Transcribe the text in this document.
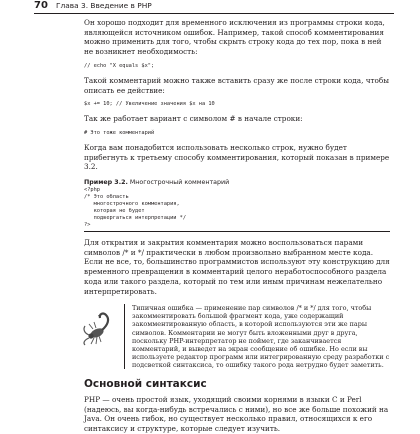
70 Глава 3. Введение в PHP

Он хорошо подходит для временного исключения из программы строки кода, являющейся источником ошибок. Например, такой способ комментирования можно применить для того, чтобы скрыть строку кода до тех пор, пока в ней не возникнет необходимость:

// echo "X equals $x";

Такой комментарий можно также вставить сразу же после строки кода, чтобы описать ее действие:

$x += 10; // Увеличение значения $x на 10

Так же работает вариант с символом # в начале строки:

# Это тоже комментарий

Когда вам понадобится использовать несколько строк, нужно будет прибегнуть к третьему способу комментирования, который показан в примере 3.2.

Пример 3.2. Многострочный комментарий
<?php
/* Это область
многострочного комментария,
которая не будет
подвергаться интерпретации */
?>

Для открытия и закрытия комментария можно воспользоваться парами символов /* и */ практически в любом произвольно выбранном месте кода. Если не все, то, большинство программистов используют эту конструкцию для временного превращения в комментарий целого неработоспособного раздела кода или такого раздела, который по тем или иным причинам нежелательно интерпретировать.

Типичная ошибка — применение пар символов /* и */ для того, чтобы закомментировать большой фрагмент кода, уже содержащий закомментированную область, в которой используются эти же пары символов. Комментарии не могут быть вложенными друг в друга, поскольку PHP-интерпретатор не поймет, где заканчивается комментарий, и выведет на экран сообщение об ошибке. Но если вы используете редактор программ или интегрированную среду разработки с подсветкой синтаксиса, то ошибку такого рода нетрудно будет заметить.

Основной синтаксис

PHP — очень простой язык, уходящий своими корнями в языки C и Perl (надеюсь, вы когда-нибудь встречались с ними), но все же больше похожий на Java. Он очень гибок, но существует несколько правил, относящихся к его синтаксису и структуре, которые следует изучить.
